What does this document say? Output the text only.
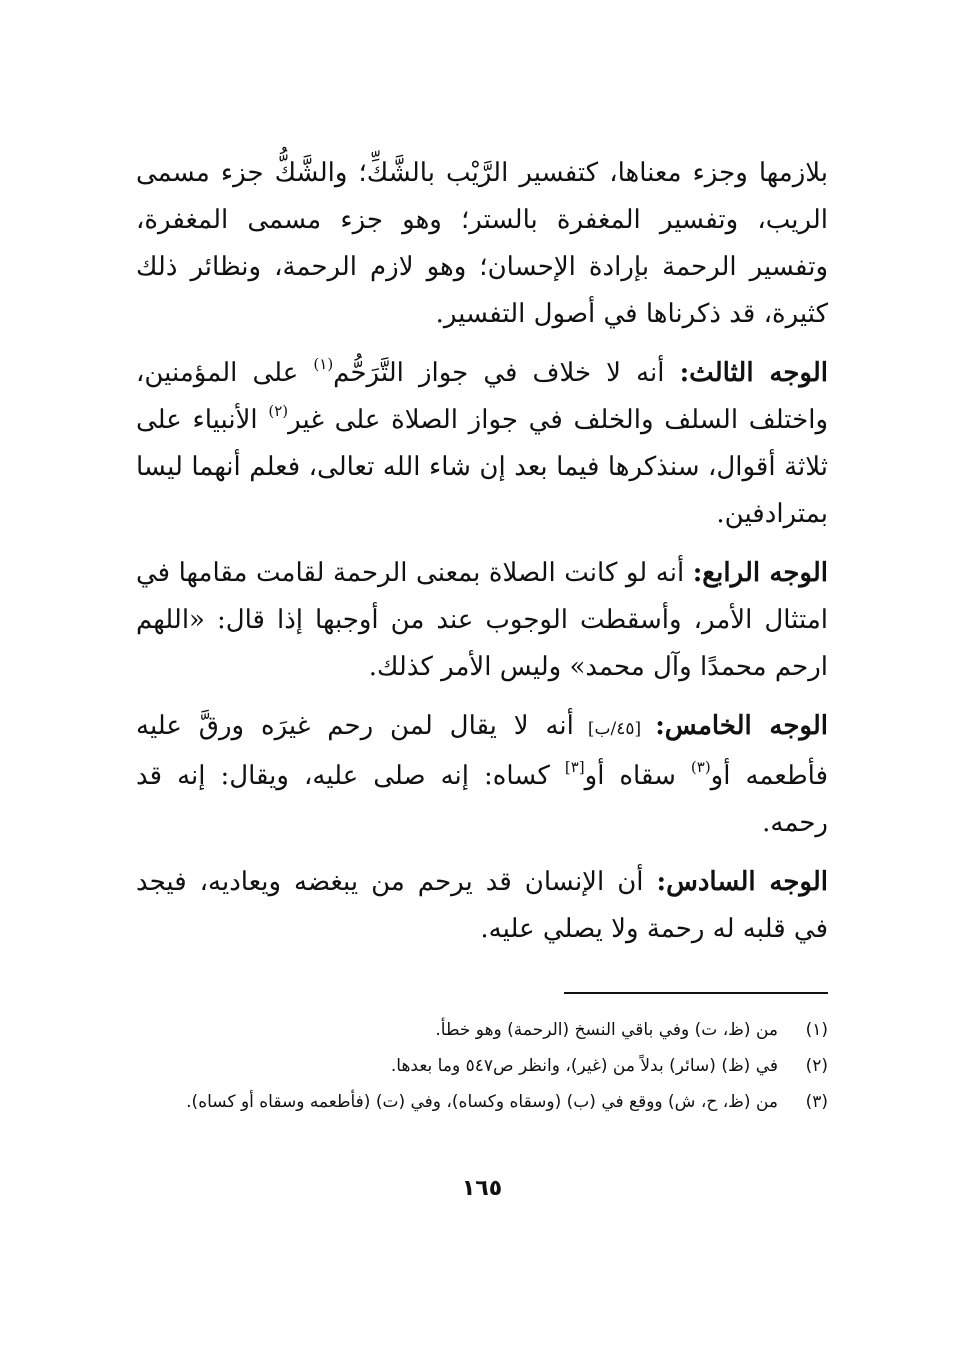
بلازمها وجزء معناها، كتفسير الرَّيْب بالشَّكِّ؛ والشَّكُّ جزء مسمى الريب، وتفسير المغفرة بالستر؛ وهو جزء مسمى المغفرة، وتفسير الرحمة بإرادة الإحسان؛ وهو لازم الرحمة، ونظائر ذلك كثيرة، قد ذكرناها في أصول التفسير.

الوجه الثالث: أنه لا خلاف في جواز التَّرَحُّم$^{(١)}$ على المؤمنين، واختلف السلف والخلف في جواز الصلاة على غير$^{(٢)}$ الأنبياء على ثلاثة أقوال، سنذكرها فيما بعد إن شاء الله تعالى، فعلم أنهما ليسا بمترادفين.

الوجه الرابع: أنه لو كانت الصلاة بمعنى الرحمة لقامت مقامها في امتثال الأمر، وأسقطت الوجوب عند من أوجبها إذا قال: «اللهم ارحم محمدًا وآل محمد» وليس الأمر كذلك.

الوجه الخامس: [٤٥/ب] أنه لا يقال لمن رحم غيرَه ورقَّ عليه فأطعمه أو$^{(٣)}$ سقاه أو[٣] كساه: إنه صلى عليه، ويقال: إنه قد رحمه.

الوجه السادس: أن الإنسان قد يرحم من يبغضه ويعاديه، فيجد في قلبه له رحمة ولا يصلي عليه.

(١)
من (ظ، ت) وفي باقي النسخ (الرحمة) وهو خطأ.
(٢)
في (ظ) (سائر) بدلاً من (غير)، وانظر ص٥٤٧ وما بعدها.
(٣)
من (ظ، ح، ش) ووقع في (ب) (وسقاه وكساه)، وفي (ت) (فأطعمه وسقاه أو كساه).
١٦٥
